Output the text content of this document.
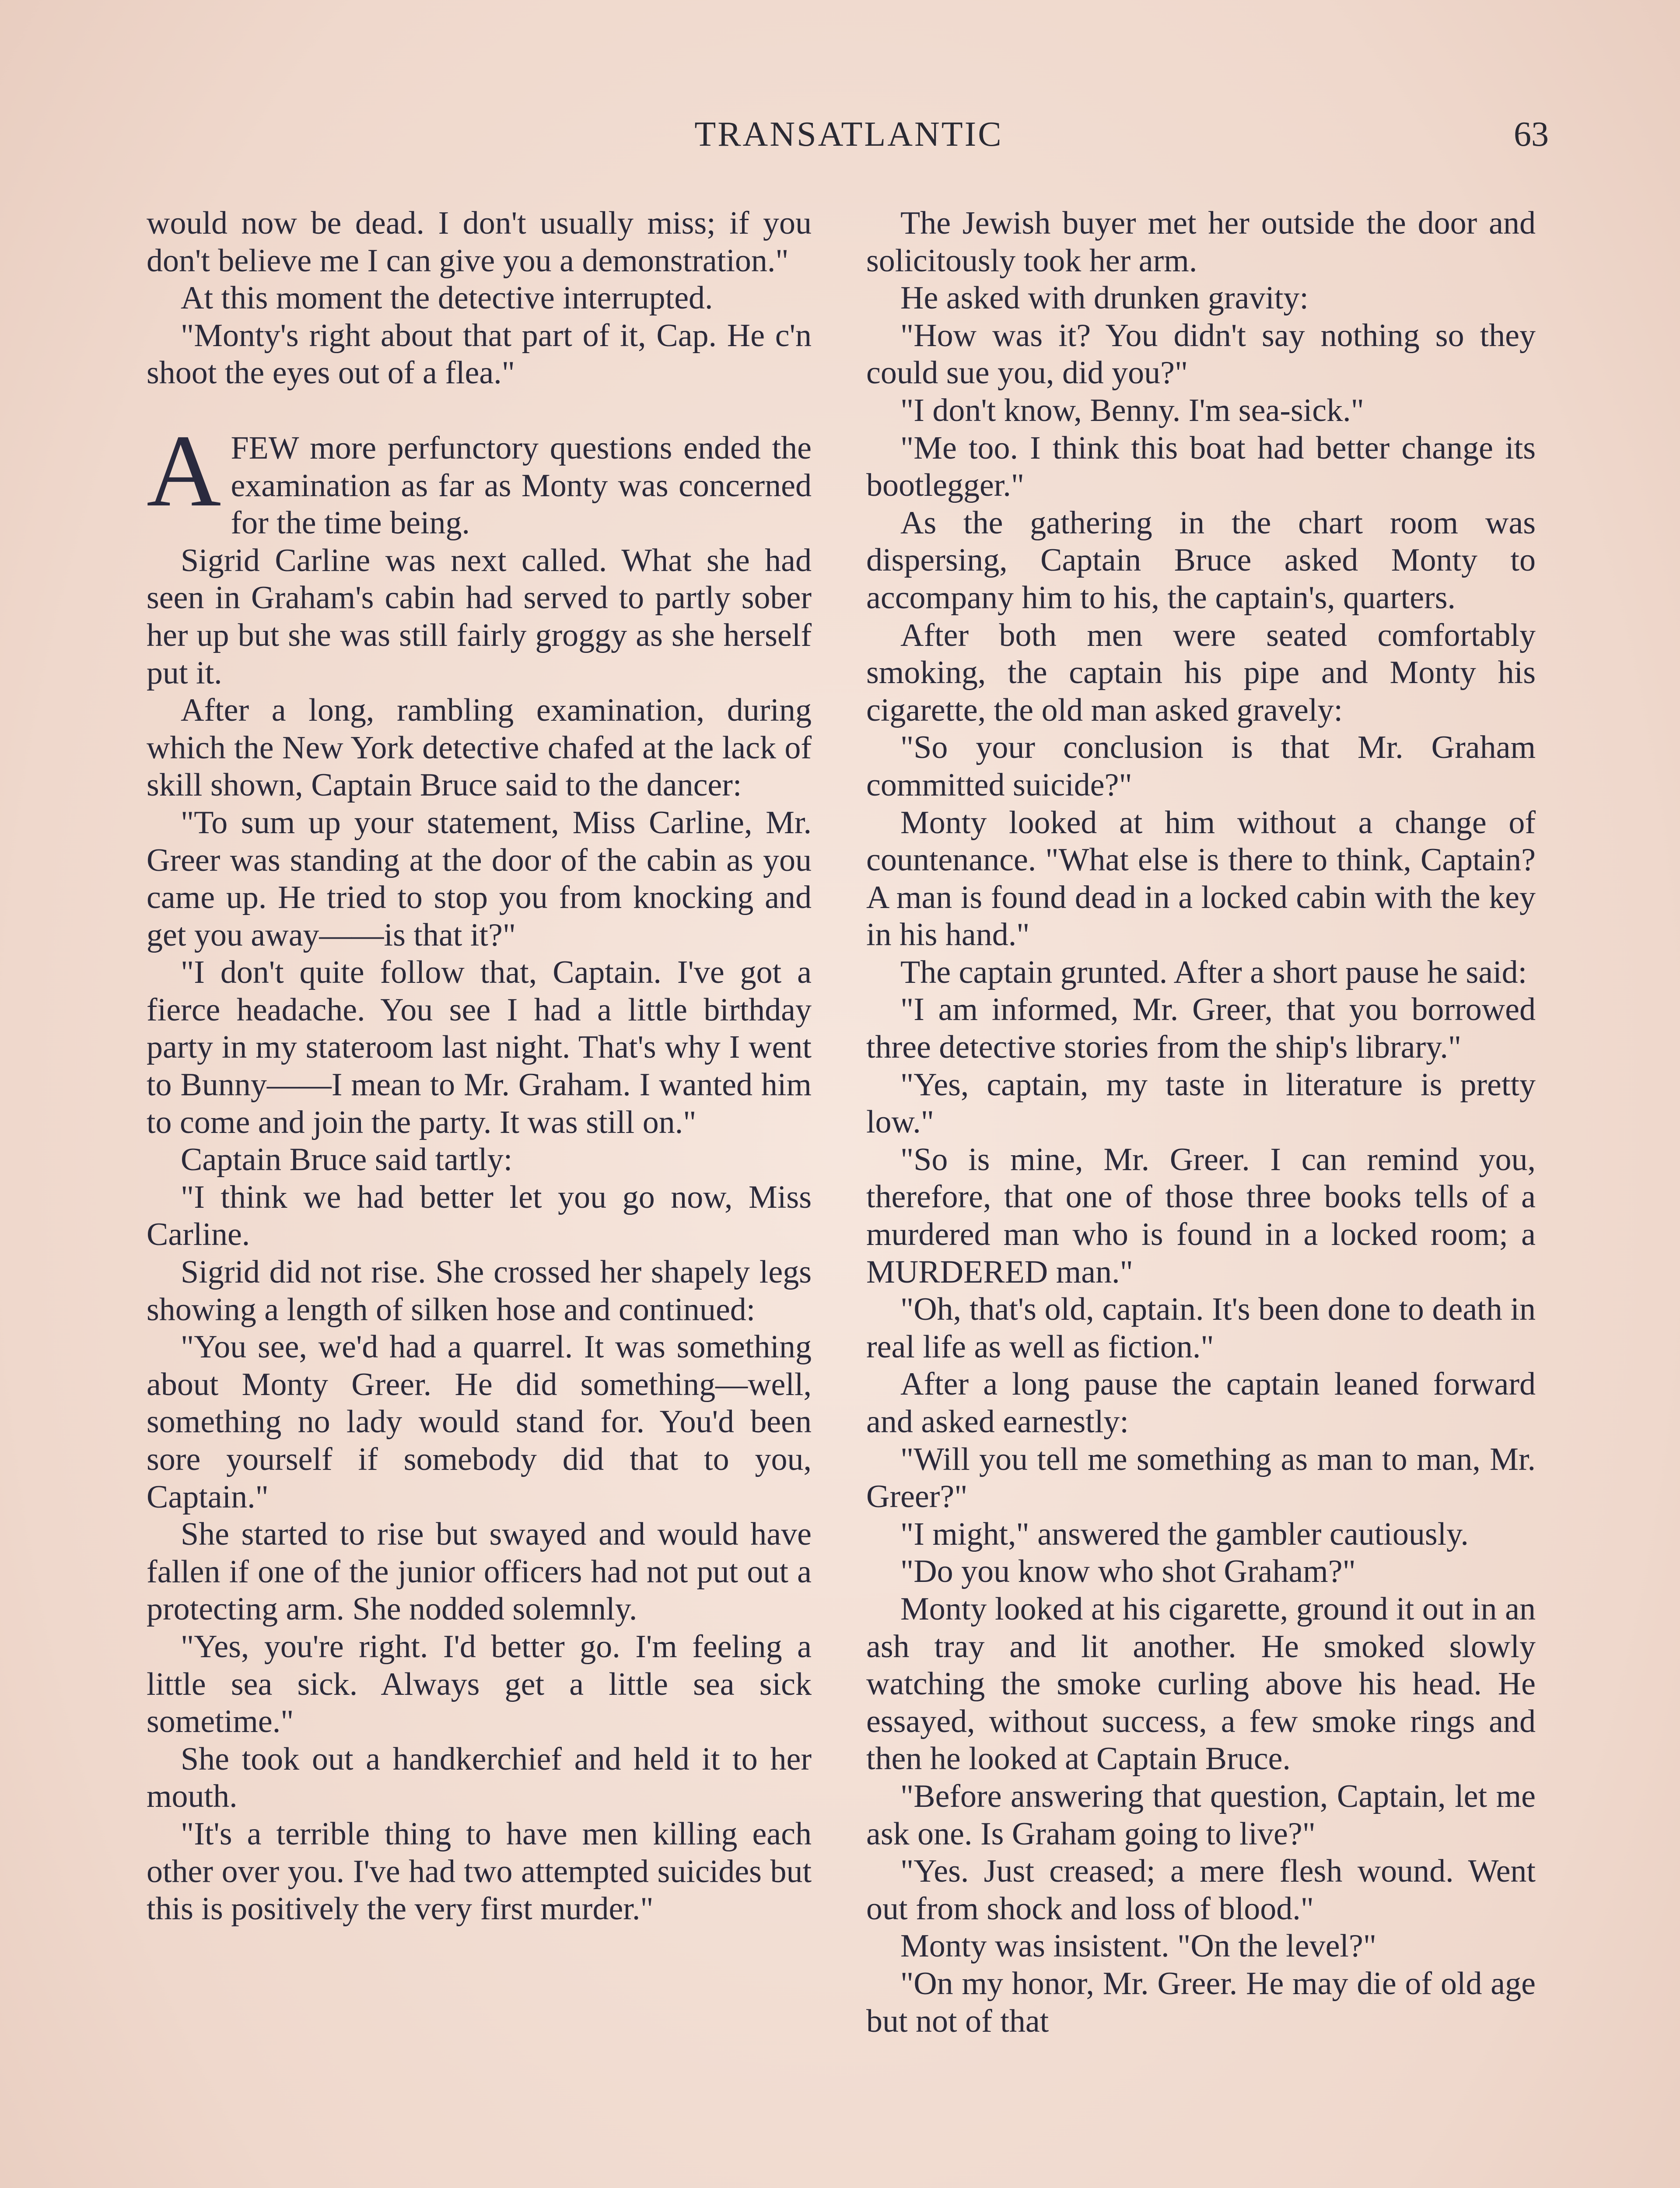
TRANSATLANTIC	63

would now be dead. I don't usually miss; if you don't believe me I can give you a demonstration."

At this moment the detective interrupted.

"Monty's right about that part of it, Cap. He c'n shoot the eyes out of a flea."

AFEW more perfunctory questions ended the examination as far as Monty was concerned for the time being.

Sigrid Carline was next called. What she had seen in Graham's cabin had served to partly sober her up but she was still fairly groggy as she herself put it.

After a long, rambling examination, during which the New York detective chafed at the lack of skill shown, Captain Bruce said to the dancer:

"To sum up your statement, Miss Carline, Mr. Greer was standing at the door of the cabin as you came up. He tried to stop you from knocking and get you away——is that it?"

"I don't quite follow that, Captain. I've got a fierce headache. You see I had a little birthday party in my stateroom last night. That's why I went to Bunny——I mean to Mr. Graham. I wanted him to come and join the party. It was still on."

Captain Bruce said tartly:

"I think we had better let you go now, Miss Carline.

Sigrid did not rise. She crossed her shapely legs showing a length of silken hose and continued:

"You see, we'd had a quarrel. It was something about Monty Greer. He did something—well, something no lady would stand for. You'd been sore yourself if somebody did that to you, Captain."

She started to rise but swayed and would have fallen if one of the junior officers had not put out a protecting arm. She nodded solemnly.

"Yes, you're right. I'd better go. I'm feeling a little sea sick. Always get a little sea sick sometime."

She took out a handkerchief and held it to her mouth.

"It's a terrible thing to have men killing each other over you. I've had two attempted suicides but this is positively the very first murder."

The Jewish buyer met her outside the door and solicitously took her arm.

He asked with drunken gravity:

"How was it? You didn't say nothing so they could sue you, did you?"

"I don't know, Benny. I'm sea-sick."

"Me too. I think this boat had better change its bootlegger."

As the gathering in the chart room was dispersing, Captain Bruce asked Monty to accompany him to his, the captain's, quarters.

After both men were seated comfortably smoking, the captain his pipe and Monty his cigarette, the old man asked gravely:

"So your conclusion is that Mr. Graham committed suicide?"

Monty looked at him without a change of countenance. "What else is there to think, Captain? A man is found dead in a locked cabin with the key in his hand."

The captain grunted. After a short pause he said:

"I am informed, Mr. Greer, that you borrowed three detective stories from the ship's library."

"Yes, captain, my taste in literature is pretty low."

"So is mine, Mr. Greer. I can remind you, therefore, that one of those three books tells of a murdered man who is found in a locked room; a MURDERED man."

"Oh, that's old, captain. It's been done to death in real life as well as fiction."

After a long pause the captain leaned forward and asked earnestly:

"Will you tell me something as man to man, Mr. Greer?"

"I might," answered the gambler cautiously.

"Do you know who shot Graham?"

Monty looked at his cigarette, ground it out in an ash tray and lit another. He smoked slowly watching the smoke curling above his head. He essayed, without success, a few smoke rings and then he looked at Captain Bruce.

"Before answering that question, Captain, let me ask one. Is Graham going to live?"

"Yes. Just creased; a mere flesh wound. Went out from shock and loss of blood."

Monty was insistent. "On the level?"

"On my honor, Mr. Greer. He may die of old age but not of that
